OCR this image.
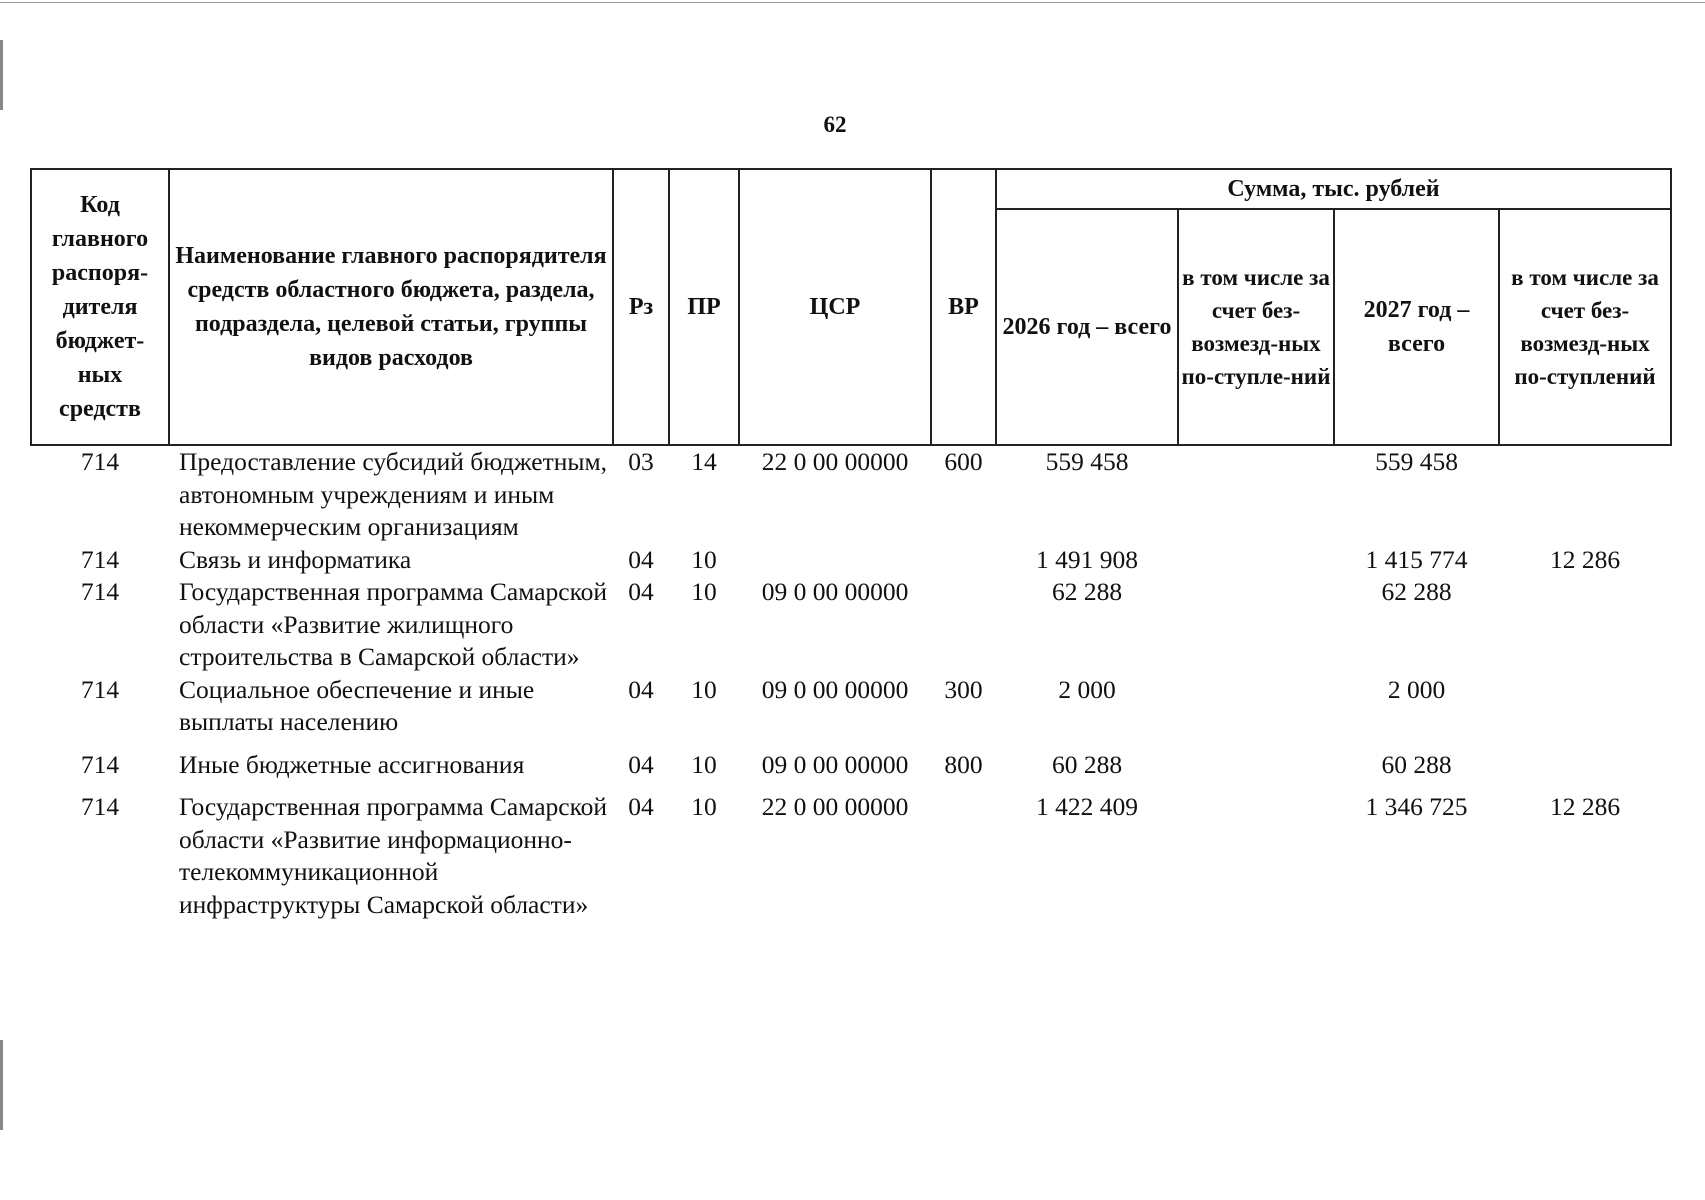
62
Код главного распоря-дителя бюджет-ных средств	Наименование главного распорядителя средств областного бюджета, раздела, подраздела, целевой статьи, группы видов расходов	Рз	ПР	ЦСР	ВР	Сумма, тыс. рублей			
						2026 год – всего	в том числе за счет без-возмезд-ных по-ступле-ний	2027 год – всего	в том числе за счет без-возмезд-ных по-ступлений
714	Предоставление субсидий бюджетным, автономным учреждениям и иным некоммерческим организациям	03	14	22 0 00 00000	600	559 458		559 458	
714	Связь и информатика	04	10			1 491 908		1 415 774	12 286
714	Государственная программа Самарской области «Развитие жилищного строительства в Самарской области»	04	10	09 0 00 00000		62 288		62 288	
714	Социальное обеспечение и иные выплаты населению	04	10	09 0 00 00000	300	2 000		2 000	
714	Иные бюджетные ассигнования	04	10	09 0 00 00000	800	60 288		60 288	
714	Государственная программа Самарской области «Развитие информационно-телекоммуникационной инфраструктуры Самарской области»	04	10	22 0 00 00000		1 422 409		1 346 725	12 286
